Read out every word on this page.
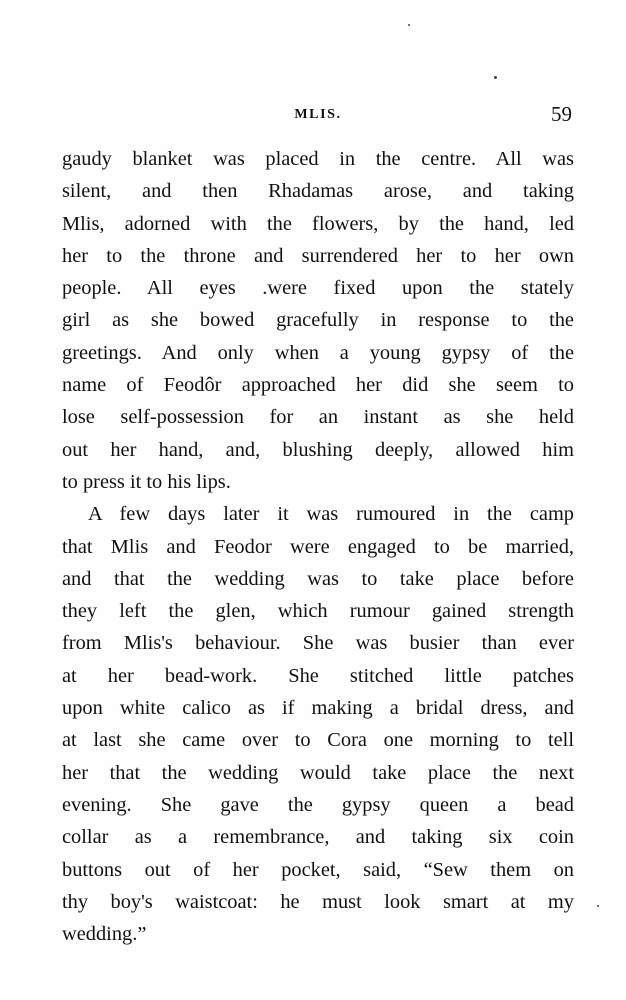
MLIS.	59
gaudy blanket was placed in the centre. All was
silent, and then Rhadamas arose, and taking
Mlis, adorned with the flowers, by the hand, led
her to the throne and surrendered her to her own
people. All eyes .were fixed upon the stately
girl as she bowed gracefully in response to the
greetings. And only when a young gypsy of the
name of Feodôr approached her did she seem to
lose self-possession for an instant as she held
out her hand, and, blushing deeply, allowed him
to press it to his lips.
A few days later it was rumoured in the camp
that Mlis and Feodor were engaged to be married,
and that the wedding was to take place before
they left the glen, which rumour gained strength
from Mlis's behaviour. She was busier than ever
at her bead-work. She stitched little patches
upon white calico as if making a bridal dress, and
at last she came over to Cora one morning to tell
her that the wedding would take place the next
evening. She gave the gypsy queen a bead
collar as a remembrance, and taking six coin
buttons out of her pocket, said, “Sew them on
thy boy's waistcoat: he must look smart at my
wedding.”
